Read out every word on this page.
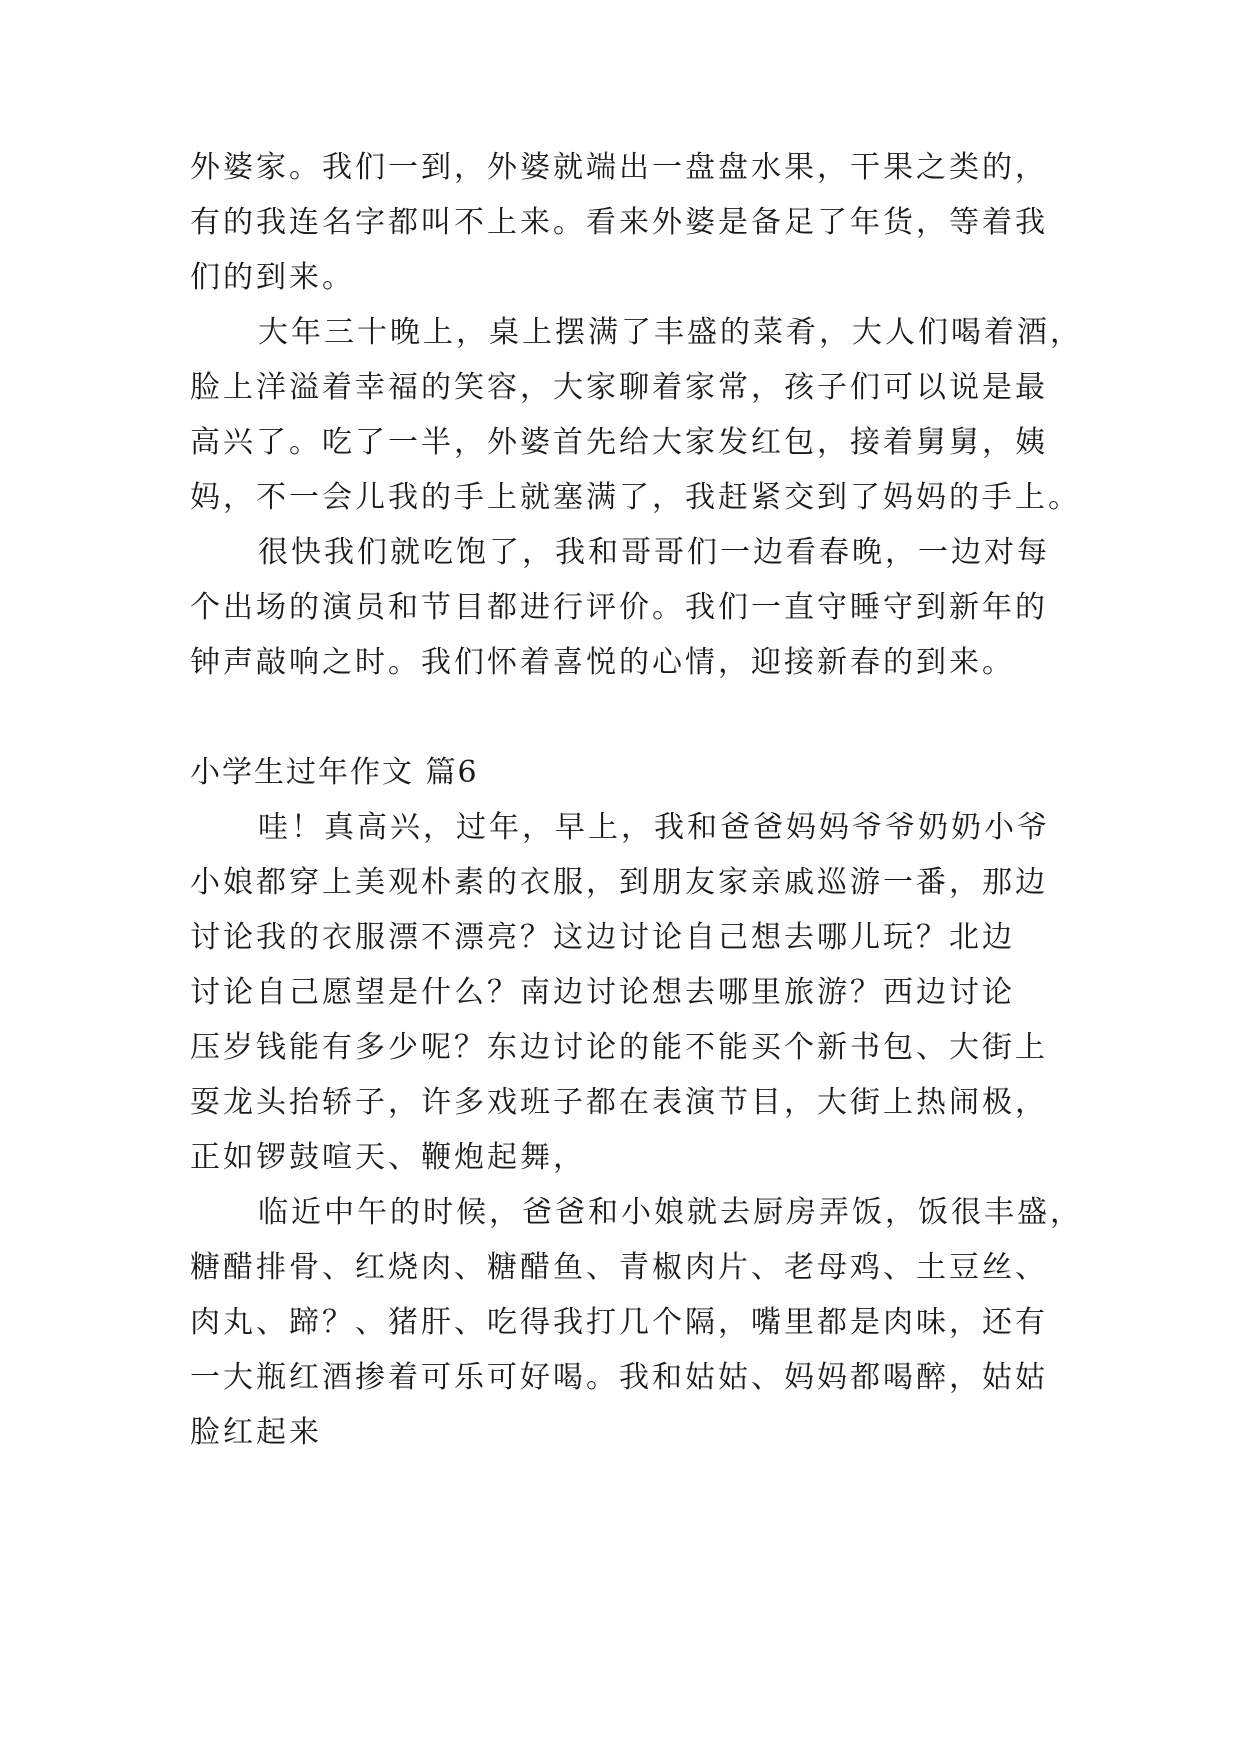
外婆家。我们一到，外婆就端出一盘盘水果，干果之类的，
有的我连名字都叫不上来。看来外婆是备足了年货，等着我
们的到来。
大年三十晚上，桌上摆满了丰盛的菜肴，大人们喝着酒，
脸上洋溢着幸福的笑容，大家聊着家常，孩子们可以说是最
高兴了。吃了一半，外婆首先给大家发红包，接着舅舅，姨
妈，不一会儿我的手上就塞满了，我赶紧交到了妈妈的手上。
很快我们就吃饱了，我和哥哥们一边看春晚，一边对每
个出场的演员和节目都进行评价。我们一直守睡守到新年的
钟声敲响之时。我们怀着喜悦的心情，迎接新春的到来。
小学生过年作文 篇6
哇！真高兴，过年，早上，我和爸爸妈妈爷爷奶奶小爷
小娘都穿上美观朴素的衣服，到朋友家亲戚巡游一番，那边
讨论我的衣服漂不漂亮？这边讨论自己想去哪儿玩？北边
讨论自己愿望是什么？南边讨论想去哪里旅游？西边讨论
压岁钱能有多少呢？东边讨论的能不能买个新书包、大街上
耍龙头抬轿子，许多戏班子都在表演节目，大街上热闹极，
正如锣鼓喧天、鞭炮起舞，
临近中午的时候，爸爸和小娘就去厨房弄饭，饭很丰盛，
糖醋排骨、红烧肉、糖醋鱼、青椒肉片、老母鸡、土豆丝、
肉丸、蹄？、猪肝、吃得我打几个隔，嘴里都是肉味，还有
一大瓶红酒掺着可乐可好喝。我和姑姑、妈妈都喝醉，姑姑
脸红起来
